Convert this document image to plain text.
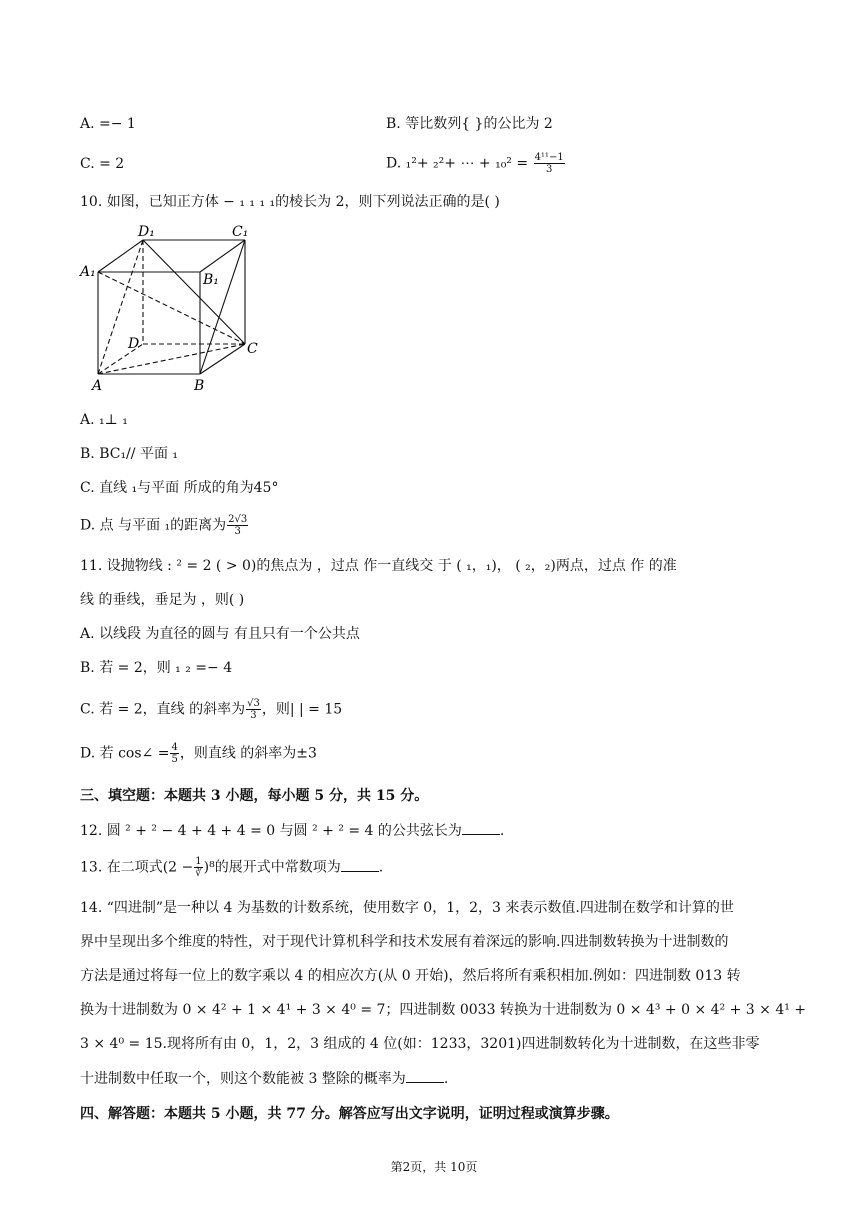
A. =− 1	B. 等比数列{ }的公比为 2
C. = 2	D. ₁²+ ₂²+ ⋯ + $_{10}^2 = \frac{\text{4¹¹−1}}{3}$
10. 如图，已知正方体 − ₁ ₁ ₁ ₁的棱长为 2，则下列说法正确的是( )
D₁	C₁
A₁	B₁
D	C
A	B
A. ₁⊥ ₁
B. BC₁// 平面 ₁
C. 直线 ₁与平面 所成的角为45°
D. 点 与平面 ₁的距离为 $\frac{2√3}{3}$
11. 设抛物线 : ² = 2 ( > 0)的焦点为 ，过点 作一直线交 于 ( ₁，₁)， ( ₂，₂)两点，过点 作 的准
线 的垂线，垂足为 ，则( )
A. 以线段 为直径的圆与 有且只有一个公共点
B. 若 = 2，则 ₁ ₂ =− 4
C. 若 = 2，直线 的斜率为 $\frac{√3}{3}$ ，则| | = 15
D. 若 cos∠ = $\frac{4}{5}$ ，则直线 的斜率为±3
三、填空题：本题共 3 小题，每小题 5 分，共 15 分。
12. 圆 ² + ² − 4 + 4 + 4 = 0 与圆 ² + ² = 4 的公共弦长为	.
13. 在二项式$(2 - \frac{1}{∛} )^8$的展开式中常数项为	.
14. “四进制”是一种以 4 为基数的计数系统，使用数字 0，1，2，3 来表示数值.四进制在数学和计算的世
界中呈现出多个维度的特性，对于现代计算机科学和技术发展有着深远的影响.四进制数转换为十进制数的
方法是通过将每一位上的数字乘以 4 的相应次方(从 0 开始)，然后将所有乘积相加.例如：四进制数 013 转
换为十进制数为 0 × 4² + 1 × 4¹ + 3 × 4⁰ = 7；四进制数 0033 转换为十进制数为 0 × 4³ + 0 × 4² + 3 × 4¹ +
3 × 4⁰ = 15.现将所有由 0，1，2，3 组成的 4 位(如：1233，3201)四进制数转化为十进制数，在这些非零
十进制数中任取一个，则这个数能被 3 整除的概率为	.
四、解答题：本题共 5 小题，共 77 分。解答应写出文字说明，证明过程或演算步骤。
第2页，共 10页
